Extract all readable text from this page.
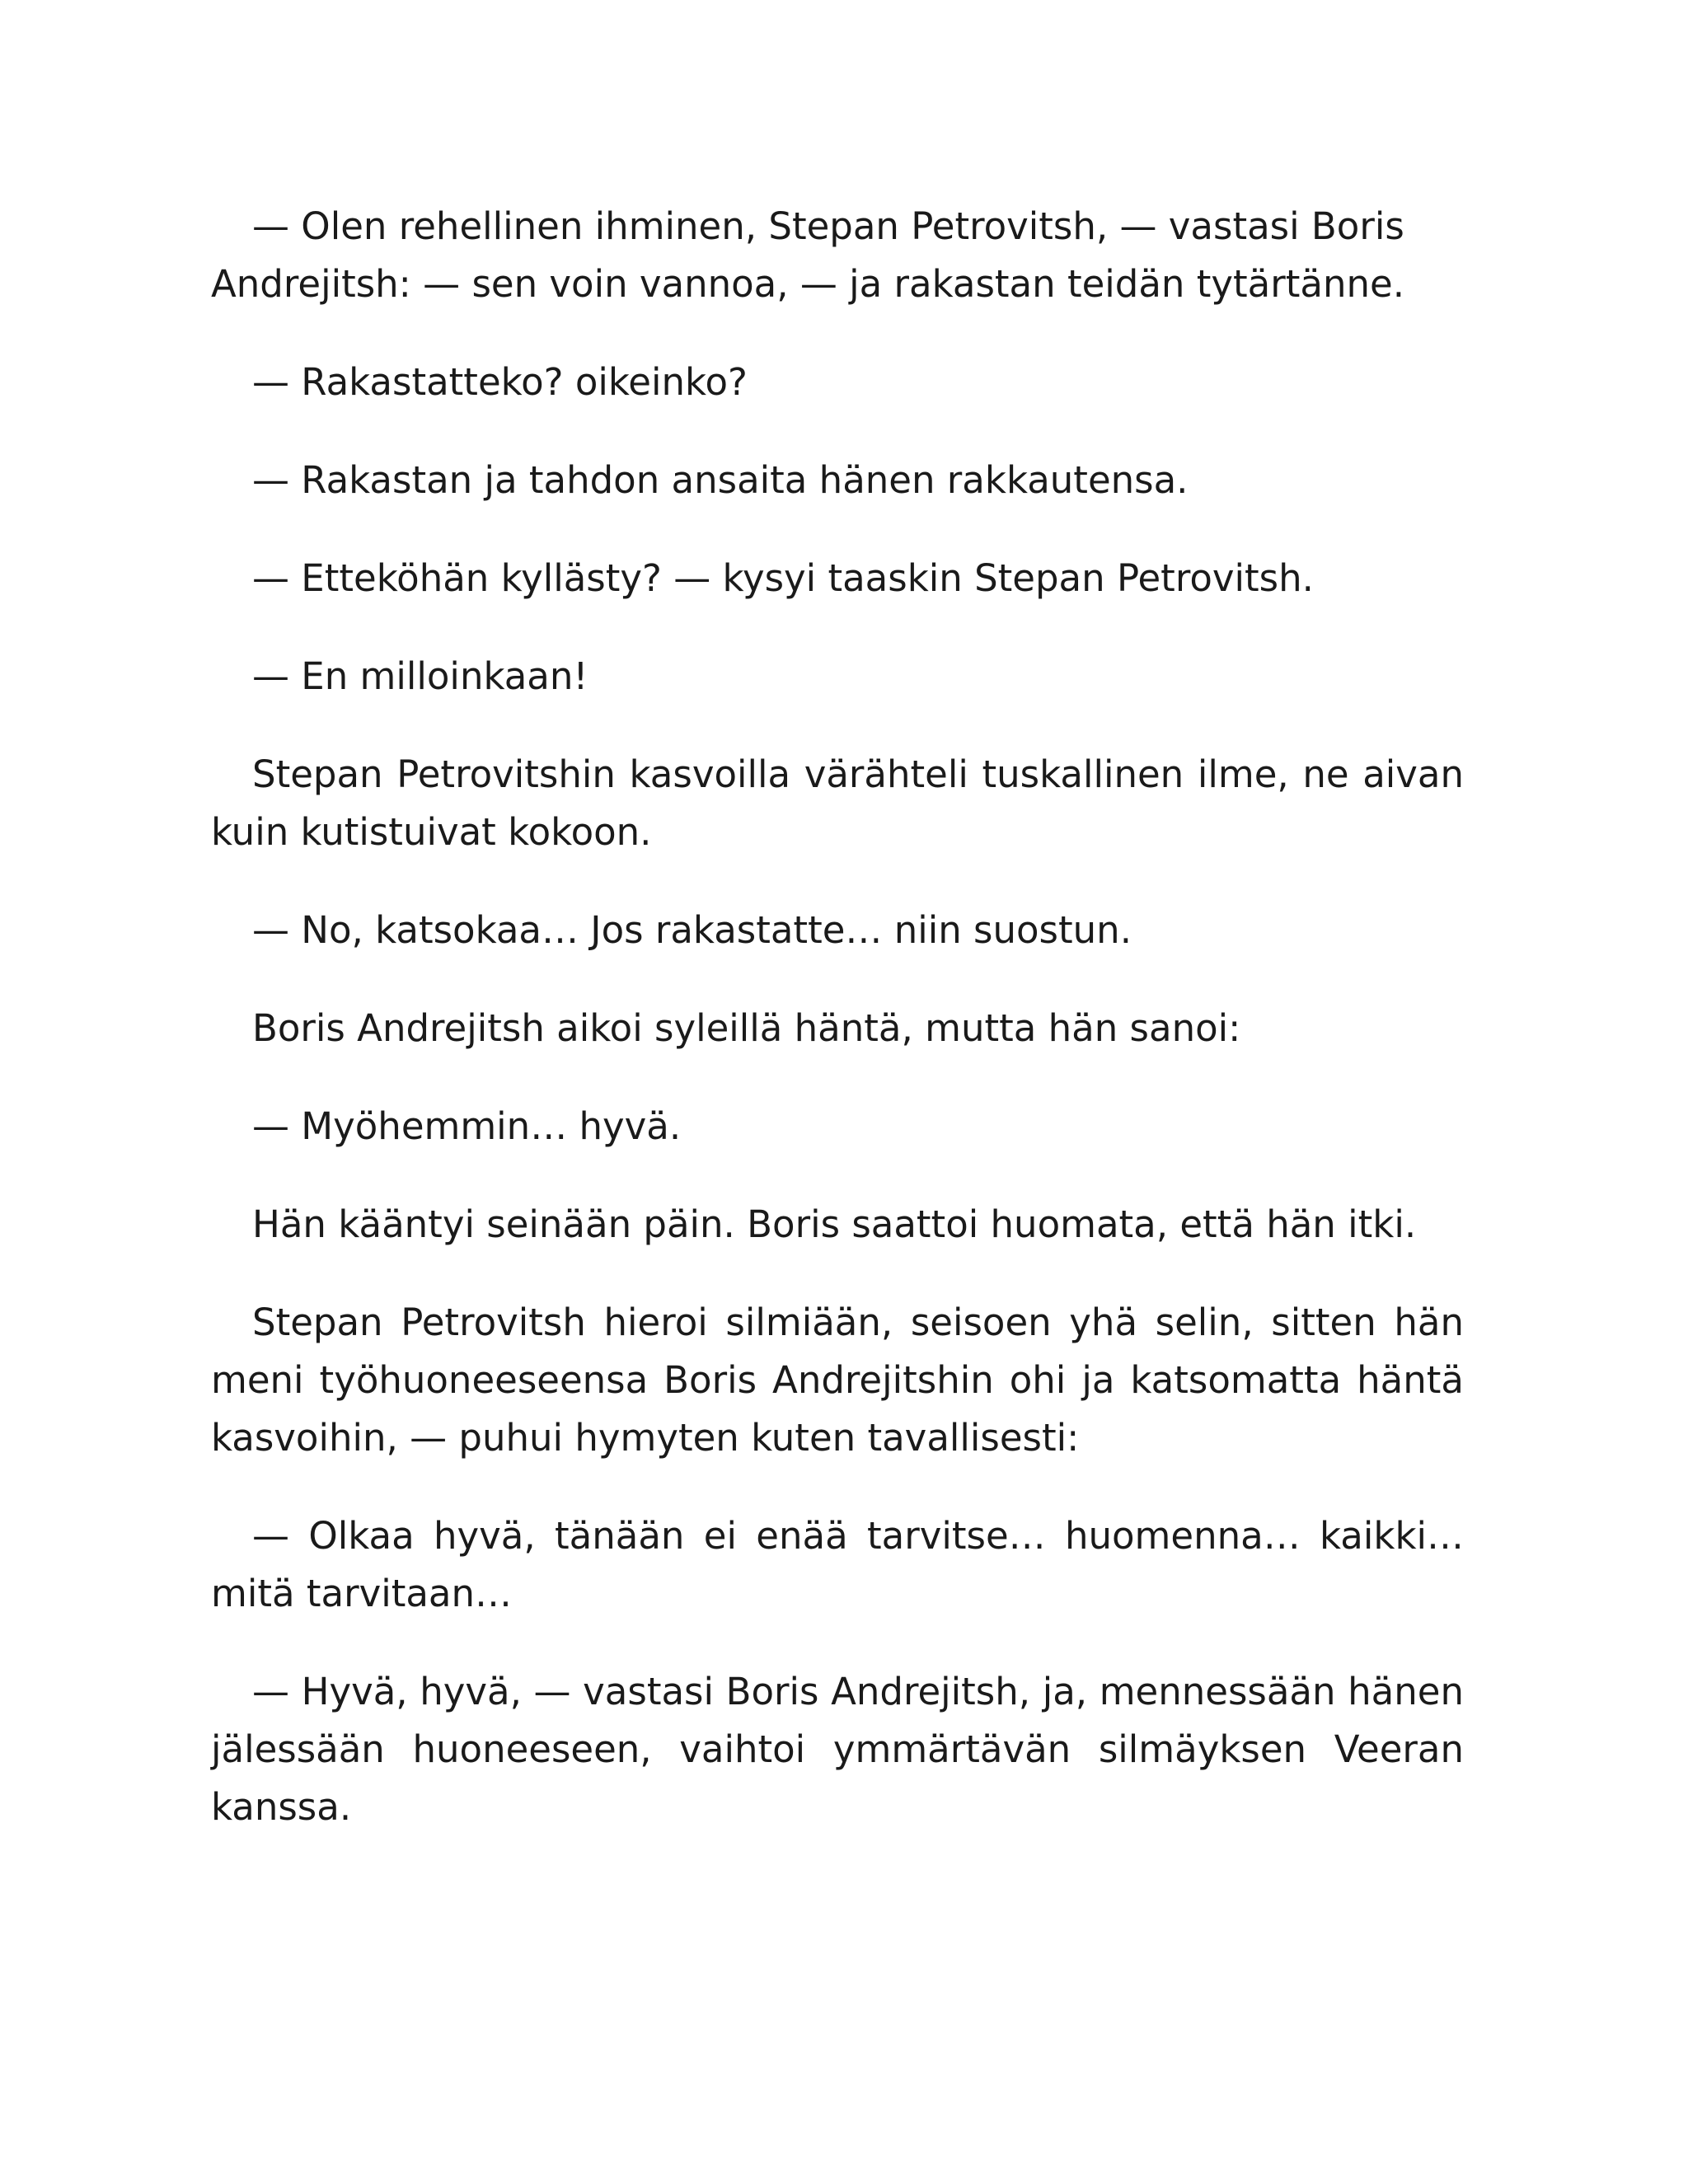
— Olen rehellinen ihminen, Stepan Petrovitsh, — vastasi Boris Andrejitsh: — sen voin vannoa, — ja rakastan teidän tytärtänne.

— Rakastatteko? oikeinko?

— Rakastan ja tahdon ansaita hänen rakkautensa.

— Etteköhän kyllästy? — kysyi taaskin Stepan Petrovitsh.

— En milloinkaan!

Stepan Petrovitshin kasvoilla värähteli tuskallinen ilme, ne aivan kuin kutistuivat kokoon.

— No, katsokaa… Jos rakastatte… niin suostun.

Boris Andrejitsh aikoi syleillä häntä, mutta hän sanoi:

— Myöhemmin… hyvä.

Hän kääntyi seinään päin. Boris saattoi huomata, että hän itki.

Stepan Petrovitsh hieroi silmiään, seisoen yhä selin, sitten hän meni työhuoneeseensa Boris Andrejitshin ohi ja katsomatta häntä kasvoihin, — puhui hymyten kuten tavallisesti:

— Olkaa hyvä, tänään ei enää tarvitse… huomenna… kaikki… mitä tarvitaan…

— Hyvä, hyvä, — vastasi Boris Andrejitsh, ja, mennessään hänen jälessään huoneeseen, vaihtoi ymmärtävän silmäyksen Veeran kanssa.
